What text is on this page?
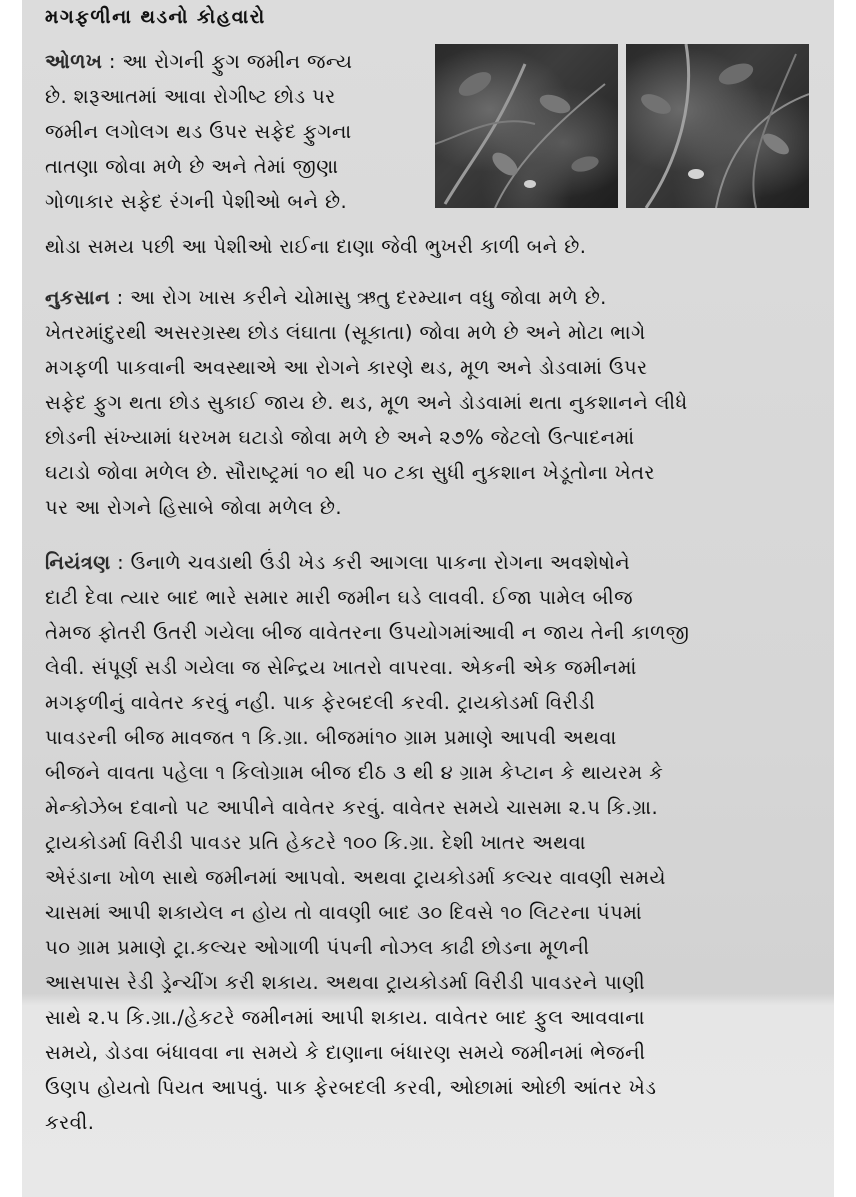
મગફળીના થડનો કોહવારો
ઓળખ : આ રોગની ફુગ જમીન જન્ય
છે. શરૂઆતમાં આવા રોગીષ્ટ છોડ પર
જમીન લગોલગ થડ ઉપર સફેદ ફુગના
તાતણા જોવા મળે છે અને તેમાં જીણા
ગોળાકાર સફેદ રંગની પેશીઓ બને છે.
થોડા સમય પછી આ પેશીઓ રાઈના દાણા જેવી ભુખરી કાળી બને છે.
નુકસાન : આ રોગ ખાસ કરીને ચોમાસુ ઋતુ દરમ્યાન વધુ જોવા મળે છે.
ખેતરમાંદુરથી અસરગ્રસ્થ છોડ લંઘાતા (સૂકાતા) જોવા મળે છે અને મોટા ભાગે
મગફળી પાકવાની અવસ્થાએ આ રોગને કારણે થડ, મૂળ અને ડોડવામાં ઉપર
સફેદ ફુગ થતા છોડ સુકાઈ જાય છે. થડ, મૂળ અને ડોડવામાં થતા નુકશાનને લીધે
છોડની સંખ્યામાં ધરખમ ઘટાડો જોવા મળે છે અને ૨૭% જેટલો ઉત્પાદનમાં
ઘટાડો જોવા મળેલ છે. સૌરાષ્ટ્રમાં ૧૦ થી ૫૦ ટકા સુધી નુકશાન ખેડૂતોના ખેતર
પર આ રોગને હિસાબે જોવા મળેલ છે.
નિયંત્રણ : ઉનાળે ચવડાથી ઉંડી ખેડ કરી આગલા પાકના રોગના અવશેષોને
દાટી દેવા ત્યાર બાદ ભારે સમાર મારી જમીન ઘડે લાવવી. ઈજા પામેલ બીજ
તેમજ ફોતરી ઉતરી ગયેલા બીજ વાવેતરના ઉપયોગમાંઆવી ન જાય તેની કાળજી
લેવી. સંપૂર્ણ સડી ગયેલા જ સેન્દ્રિય ખાતરો વાપરવા. એકની એક જમીનમાં
મગફળીનું વાવેતર કરવું નહી. પાક ફેરબદલી કરવી. ટ્રાયકોડર્મા વિરીડી
પાવડરની બીજ માવજત ૧ કિ.ગ્રા. બીજમાં૧૦ ગ્રામ પ્રમાણે આપવી અથવા
બીજને વાવતા પહેલા ૧ કિલોગ્રામ બીજ દીઠ ૩ થી ૪ ગ્રામ કેપ્ટાન કે થાયરમ કે
મેન્કોઝેબ દવાનો પટ આપીને વાવેતર કરવું. વાવેતર સમયે ચાસમા ૨.૫ કિ.ગ્રા.
ટ્રાયકોડર્મા વિરીડી પાવડર પ્રતિ હેકટરે ૧૦૦ કિ.ગ્રા. દેશી ખાતર અથવા
એરંડાના ખોળ સાથે જમીનમાં આપવો. અથવા ટ્રાયકોડર્મા કલ્ચર વાવણી સમયે
ચાસમાં આપી શકાયેલ ન હોય તો વાવણી બાદ ૩૦ દિવસે ૧૦ લિટરના પંપમાં
૫૦ ગ્રામ પ્રમાણે ટ્રા.કલ્ચર ઓગાળી પંપની નોઝલ કાઢી છોડના મૂળની
આસપાસ રેડી ડ્રેન્ચીંગ કરી શકાય. અથવા ટ્રાયકોડર્મા વિરીડી પાવડરને પાણી
સાથે ૨.૫ કિ.ગ્રા./હેકટરે જમીનમાં આપી શકાય. વાવેતર બાદ ફુલ આવવાના
સમયે, ડોડવા બંધાવવા ના સમયે કે દાણાના બંધારણ સમયે જમીનમાં ભેજની
ઉણપ હોયતો પિયત આપવું. પાક ફેરબદલી કરવી, ઓછામાં ઓછી આંતર ખેડ
કરવી.
